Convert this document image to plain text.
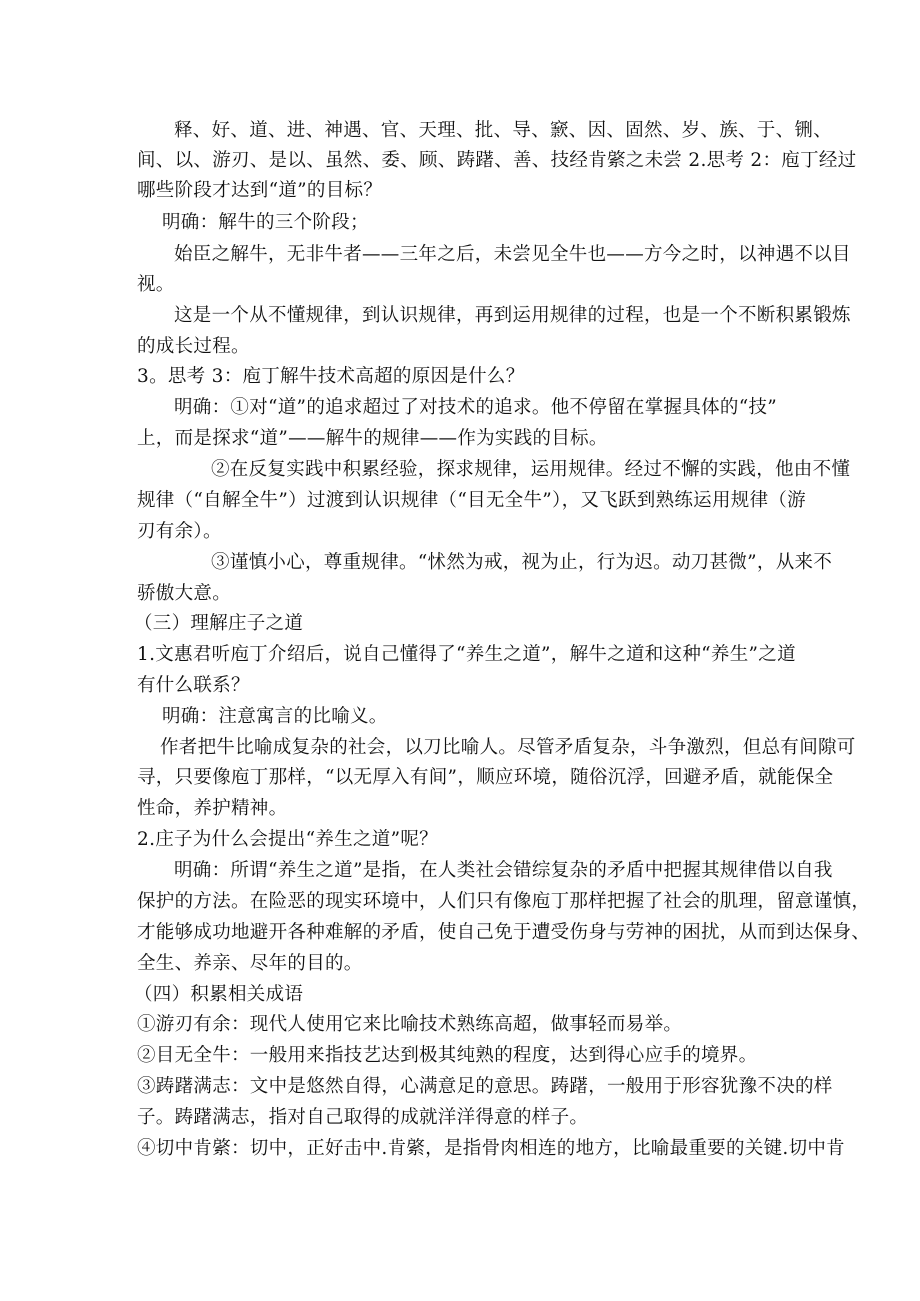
释、好、道、进、神遇、官、天理、批、导、窾、因、固然、岁、族、于、铏、
间、以、游刃、是以、虽然、委、顾、踌躇、善、技经肯綮之未尝 2.思考 2：庖丁经过
哪些阶段才达到“道”的目标？
明确：解牛的三个阶段；
始臣之解牛，无非牛者——三年之后，未尝见全牛也——方今之时，以神遇不以目
视。
这是一个从不懂规律，到认识规律，再到运用规律的过程，也是一个不断积累锻炼
的成长过程。
3。思考 3：庖丁解牛技术高超的原因是什么？
明确：①对“道”的追求超过了对技术的追求。他不停留在掌握具体的“技”
上，而是探求“道”——解牛的规律——作为实践的目标。
②在反复实践中积累经验，探求规律，运用规律。经过不懈的实践，他由不懂
规律（“自解全牛”）过渡到认识规律（“目无全牛”），又飞跃到熟练运用规律（游
刃有余）。
③谨慎小心，尊重规律。“怵然为戒，视为止，行为迟。动刀甚微”，从来不
骄傲大意。
（三）理解庄子之道
1.文惠君听庖丁介绍后，说自己懂得了“养生之道”，解牛之道和这种“养生”之道
有什么联系？
明确：注意寓言的比喻义。
作者把牛比喻成复杂的社会，以刀比喻人。尽管矛盾复杂，斗争激烈，但总有间隙可
寻，只要像庖丁那样，“以无厚入有间”，顺应环境，随俗沉浮，回避矛盾，就能保全
性命，养护精神。
2.庄子为什么会提出“养生之道”呢？
明确：所谓“养生之道”是指，在人类社会错综复杂的矛盾中把握其规律借以自我
保护的方法。在险恶的现实环境中，人们只有像庖丁那样把握了社会的肌理，留意谨慎，
才能够成功地避开各种难解的矛盾，使自己免于遭受伤身与劳神的困扰，从而到达保身、
全生、养亲、尽年的目的。
（四）积累相关成语
①游刃有余：现代人使用它来比喻技术熟练高超，做事轻而易举。
②目无全牛：一般用来指技艺达到极其纯熟的程度，达到得心应手的境界。
③踌躇满志：文中是悠然自得，心满意足的意思。踌躇，一般用于形容犹豫不决的样
子。踌躇满志，指对自己取得的成就洋洋得意的样子。
④切中肯綮：切中，正好击中.肯綮，是指骨肉相连的地方，比喻最重要的关键.切中肯
